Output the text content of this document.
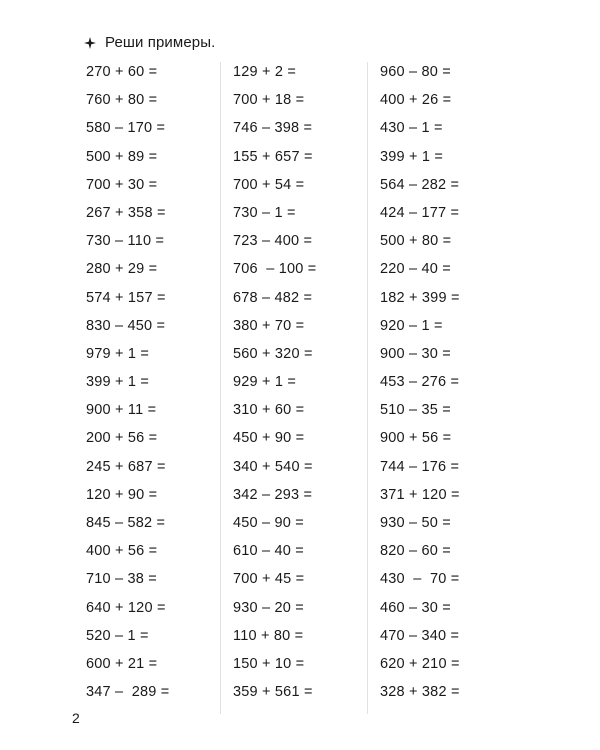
Реши примеры.
270 + 60 =
760 + 80 =
580 – 170 =
500 + 89 =
700 + 30 =
267 + 358 =
730 – 110 =
280 + 29 =
574 + 157 =
830 – 450 =
979 + 1 =
399 + 1 =
900 + 11 =
200 + 56 =
245 + 687 =
120 + 90 =
845 – 582 =
400 + 56 =
710 – 38 =
640 + 120 =
520 – 1 =
600 + 21 =
347 –  289 =
129 + 2 =
700 + 18 =
746 – 398 =
155 + 657 =
700 + 54 =
730 – 1 =
723 – 400 =
706  – 100 =
678 – 482 =
380 + 70 =
560 + 320 =
929 + 1 =
310 + 60 =
450 + 90 =
340 + 540 =
342 – 293 =
450 – 90 =
610 – 40 =
700 + 45 =
930 – 20 =
110 + 80 =
150 + 10 =
359 + 561 =
960 – 80 =
400 + 26 =
430 – 1 =
399 + 1 =
564 – 282 =
424 – 177 =
500 + 80 =
220 – 40 =
182 + 399 =
920 – 1 =
900 – 30 =
453 – 276 =
510 – 35 =
900 + 56 =
744 – 176 =
371 + 120 =
930 – 50 =
820 – 60 =
430  –  70 =
460 – 30 =
470 – 340 =
620 + 210 =
328 + 382 =
2
